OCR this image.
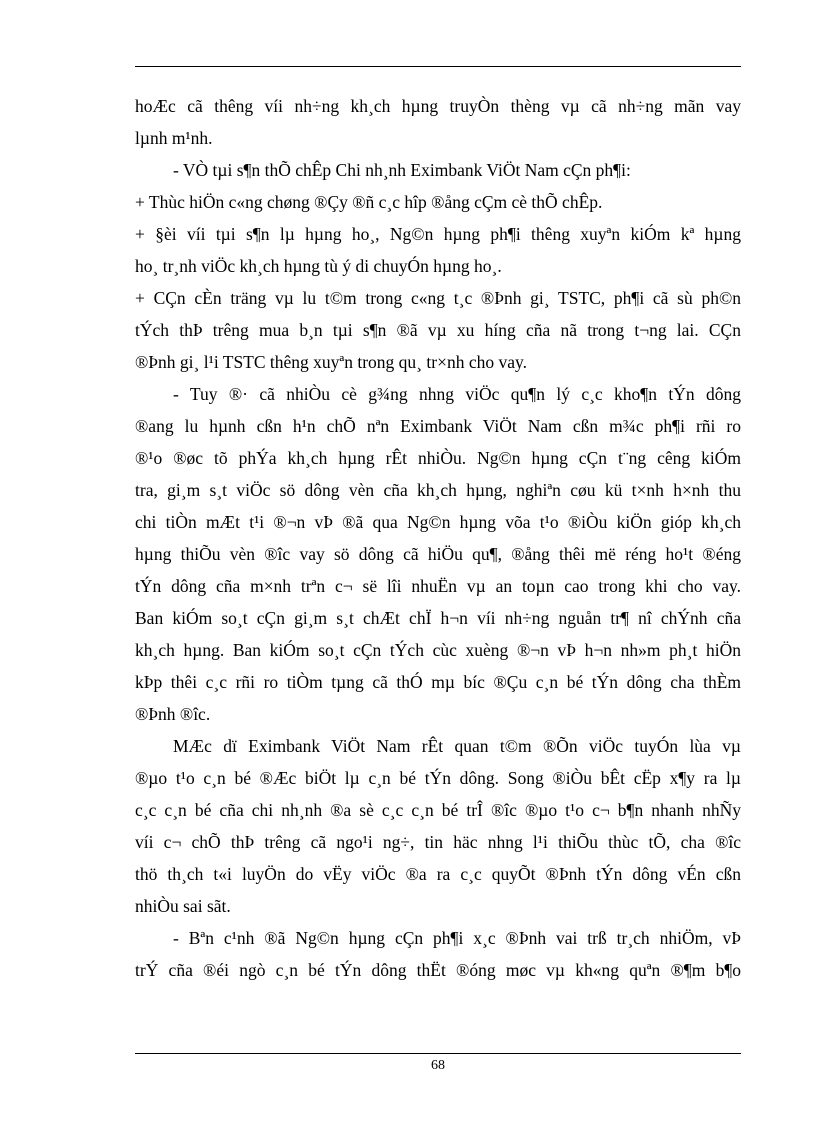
hoÆc cã thêng víi nh÷ng kh¸ch hµng truyÒn thèng vµ cã nh÷ng mãn vay
lµnh m¹nh.
- VÒ tµi s¶n thÕ chÊp Chi nh¸nh Eximbank ViÖt Nam cÇn ph¶i:
+ Thùc hiÖn c«ng chøng ®Çy ®ñ c¸c hîp ®ång cÇm cè thÕ chÊp.
+ §èi víi tµi s¶n lµ hµng ho¸, Ng©n hµng ph¶i thêng xuyªn kiÓm kª hµng
ho¸ tr¸nh viÖc kh¸ch hµng tù ý di chuyÓn hµng ho¸.
+ CÇn cÈn träng vµ lu t©m trong c«ng t¸c ®Þnh gi¸ TSTC, ph¶i cã sù ph©n
tÝch thÞ trêng mua b¸n tµi s¶n ®ã vµ xu híng cña nã trong t¬ng lai. CÇn
®Þnh gi¸ l¹i TSTC thêng xuyªn trong qu¸ tr×nh cho vay.
- Tuy ®· cã nhiÒu cè g¾ng nhng viÖc qu¶n lý c¸c kho¶n tÝn dông
®ang lu hµnh cßn h¹n chÕ nªn Eximbank ViÖt Nam cßn m¾c ph¶i rñi ro
®¹o ®øc tõ phÝa kh¸ch hµng rÊt nhiÒu. Ng©n hµng cÇn t¨ng cêng kiÓm
tra, gi¸m s¸t viÖc sö dông vèn cña kh¸ch hµng, nghiªn cøu kü t×nh h×nh thu
chi tiÒn mÆt t¹i ®¬n vÞ ®ã qua Ng©n hµng võa t¹o ®iÒu kiÖn gióp kh¸ch
hµng thiÕu vèn ®îc vay sö dông cã hiÖu qu¶, ®ång thêi më réng ho¹t ®éng
tÝn dông cña m×nh trªn c¬ së lîi nhuËn vµ an toµn cao trong khi cho vay.
Ban kiÓm so¸t cÇn gi¸m s¸t chÆt chÏ h¬n víi nh÷ng nguån tr¶ nî chÝnh cña
kh¸ch hµng. Ban kiÓm so¸t cÇn tÝch cùc xuèng ®¬n vÞ h¬n nh»m ph¸t hiÖn
kÞp thêi c¸c rñi ro tiÒm tµng cã thÓ mµ bíc ®Çu c¸n bé tÝn dông cha thÈm
®Þnh ®îc.
MÆc dï Eximbank ViÖt Nam rÊt quan t©m ®Õn viÖc tuyÓn lùa vµ
®µo t¹o c¸n bé ®Æc biÖt lµ c¸n bé tÝn dông. Song ®iÒu bÊt cËp x¶y ra lµ
c¸c c¸n bé cña chi nh¸nh ®a sè c¸c c¸n bé trÎ ®îc ®µo t¹o c¬ b¶n nhanh nhÑy
víi c¬ chÕ thÞ trêng cã ngo¹i ng÷, tin häc nhng l¹i thiÕu thùc tÕ, cha ®îc
thö th¸ch t«i luyÖn do vËy viÖc ®a ra c¸c quyÕt ®Þnh tÝn dông vÉn cßn
nhiÒu sai sãt.
- Bªn c¹nh ®ã Ng©n hµng cÇn ph¶i x¸c ®Þnh vai trß tr¸ch nhiÖm, vÞ
trÝ cña ®éi ngò c¸n bé tÝn dông thËt ®óng møc vµ kh«ng quªn ®¶m b¶o
68
